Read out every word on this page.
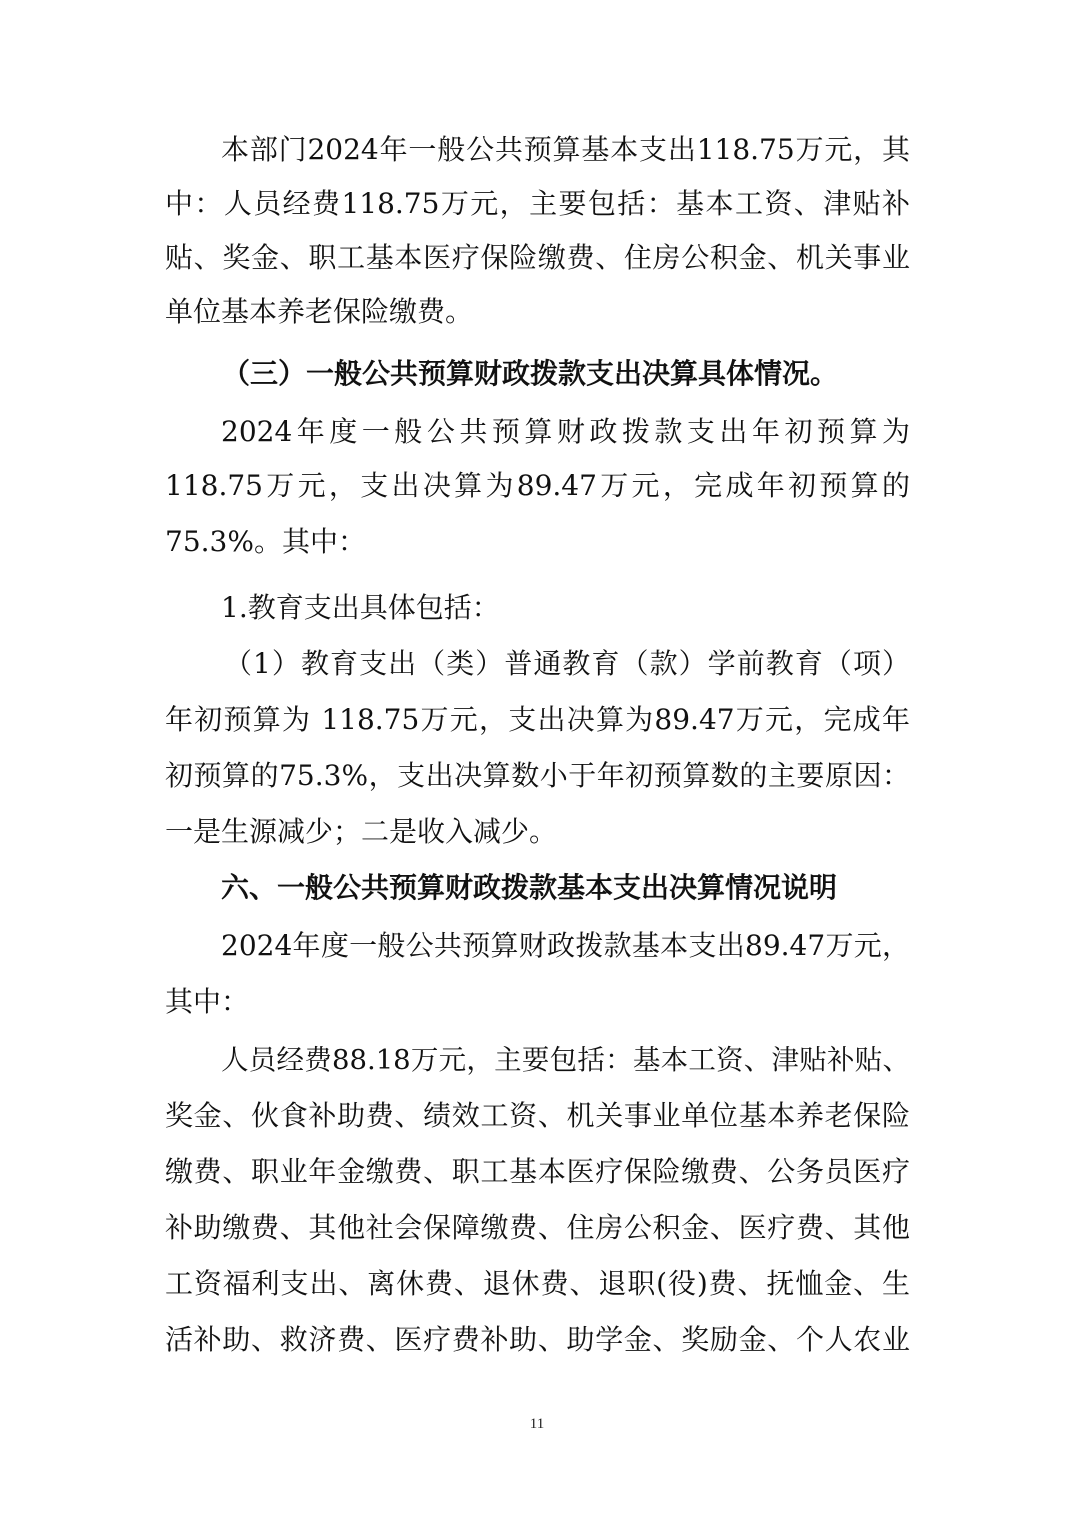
本部门2024年一般公共预算基本支出118.75万元，其
中：人员经费118.75万元，主要包括：基本工资、津贴补
贴、奖金、职工基本医疗保险缴费、住房公积金、机关事业
单位基本养老保险缴费。
（三）一般公共预算财政拨款支出决算具体情况。
2024年度一般公共预算财政拨款支出年初预算为
118.75万元，支出决算为89.47万元，完成年初预算的
75.3%。其中：
1.教育支出具体包括：
（1）教育支出（类）普通教育（款）学前教育（项）
年初预算为 118.75万元，支出决算为89.47万元，完成年
初预算的75.3%，支出决算数小于年初预算数的主要原因：
一是生源减少；二是收入减少。
六、一般公共预算财政拨款基本支出决算情况说明
2024年度一般公共预算财政拨款基本支出89.47万元，
其中：
人员经费88.18万元，主要包括：基本工资、津贴补贴、
奖金、伙食补助费、绩效工资、机关事业单位基本养老保险
缴费、职业年金缴费、职工基本医疗保险缴费、公务员医疗
补助缴费、其他社会保障缴费、住房公积金、医疗费、其他
工资福利支出、离休费、退休费、退职(役)费、抚恤金、生
活补助、救济费、医疗费补助、助学金、奖励金、个人农业
11
